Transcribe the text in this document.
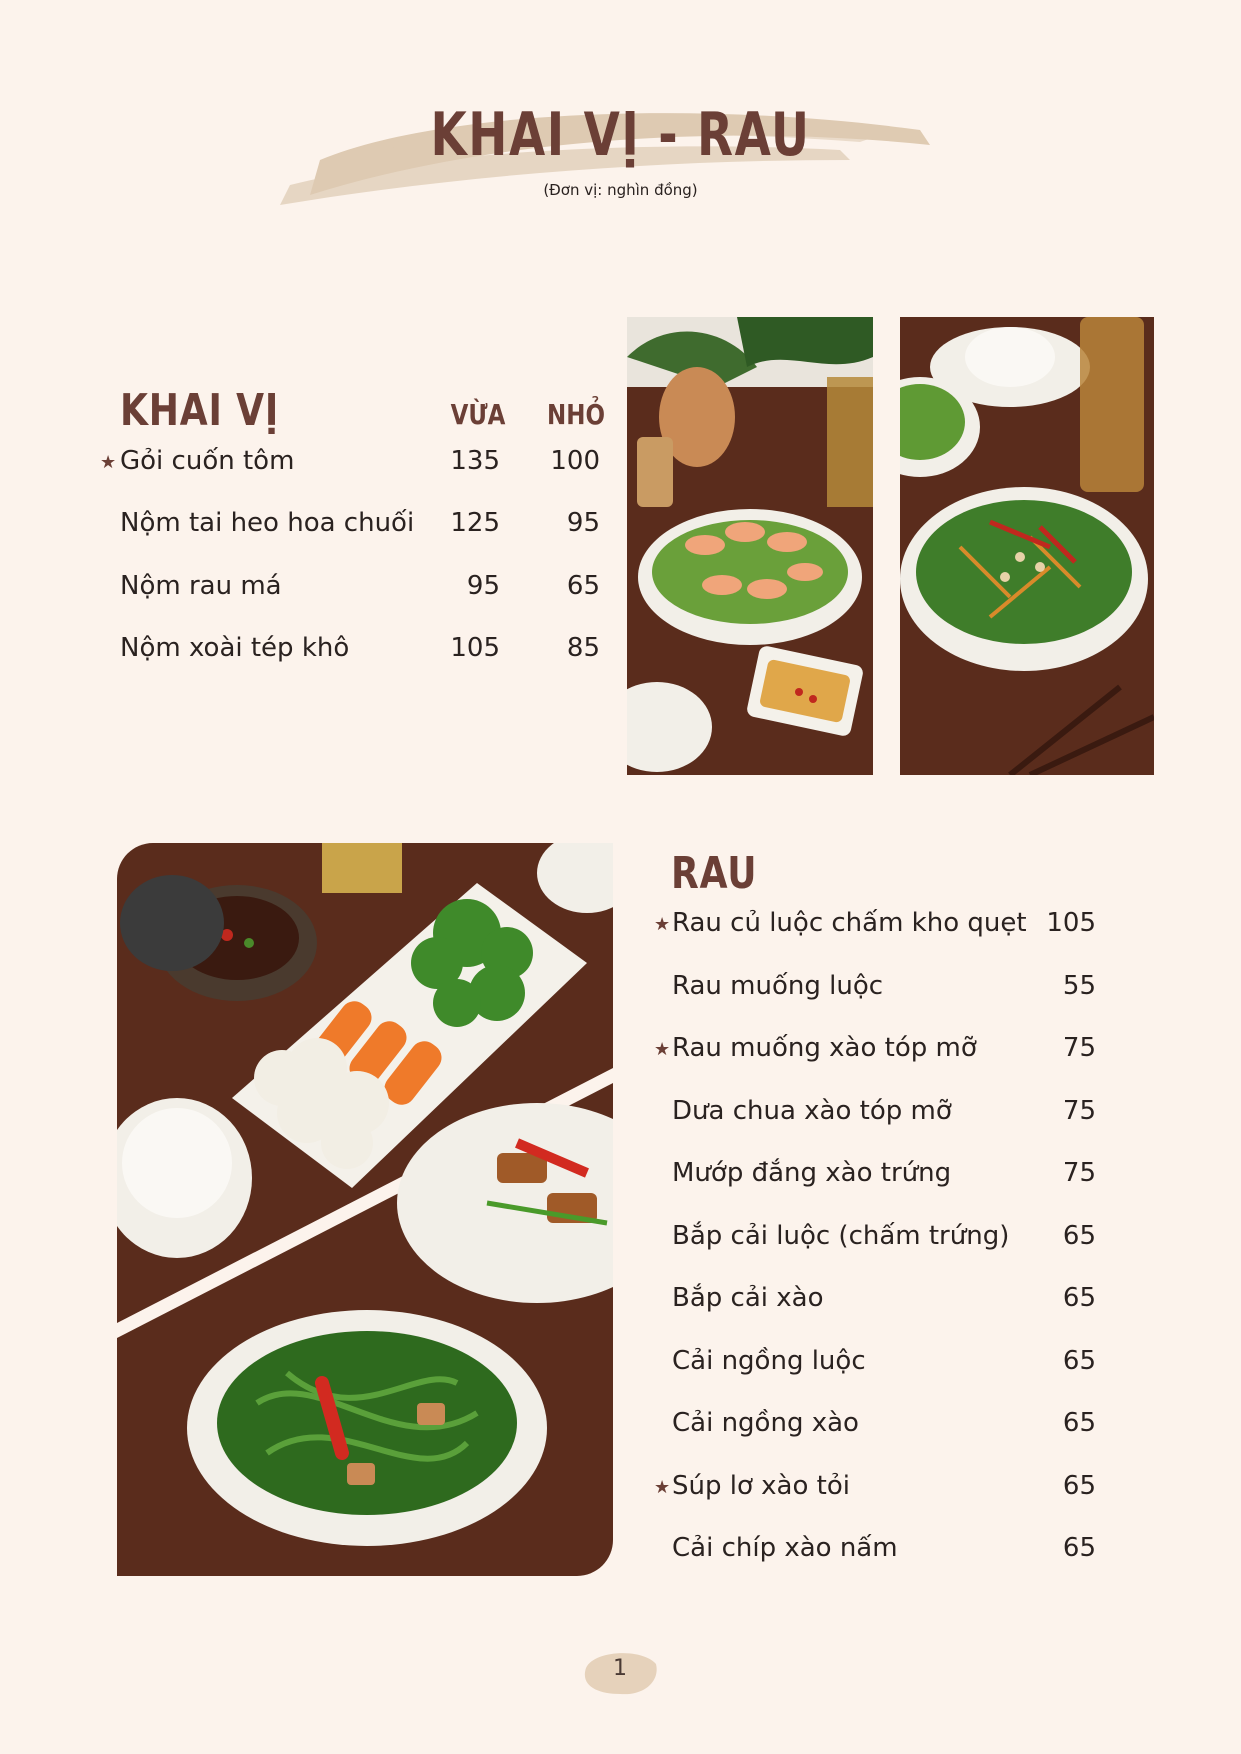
KHAI VỊ - RAU
(Đơn vị: nghìn đồng)
KHAI VỊ	VỪA NHỎ
★ Gỏi cuốn tôm	135	100
Nộm tai heo hoa chuối	125	95
Nộm rau má	95	65
Nộm xoài tép khô	105	85
RAU
★ Rau củ luộc chấm kho quẹt 105
Rau muống luộc	55
★ Rau muống xào tóp mỡ	75
Dưa chua xào tóp mỡ	75
Mướp đắng xào trứng	75
Bắp cải luộc (chấm trứng)	65
Bắp cải xào	65
Cải ngồng luộc	65
Cải ngồng xào	65
★ Súp lơ xào tỏi	65
Cải chíp xào nấm	65
1
